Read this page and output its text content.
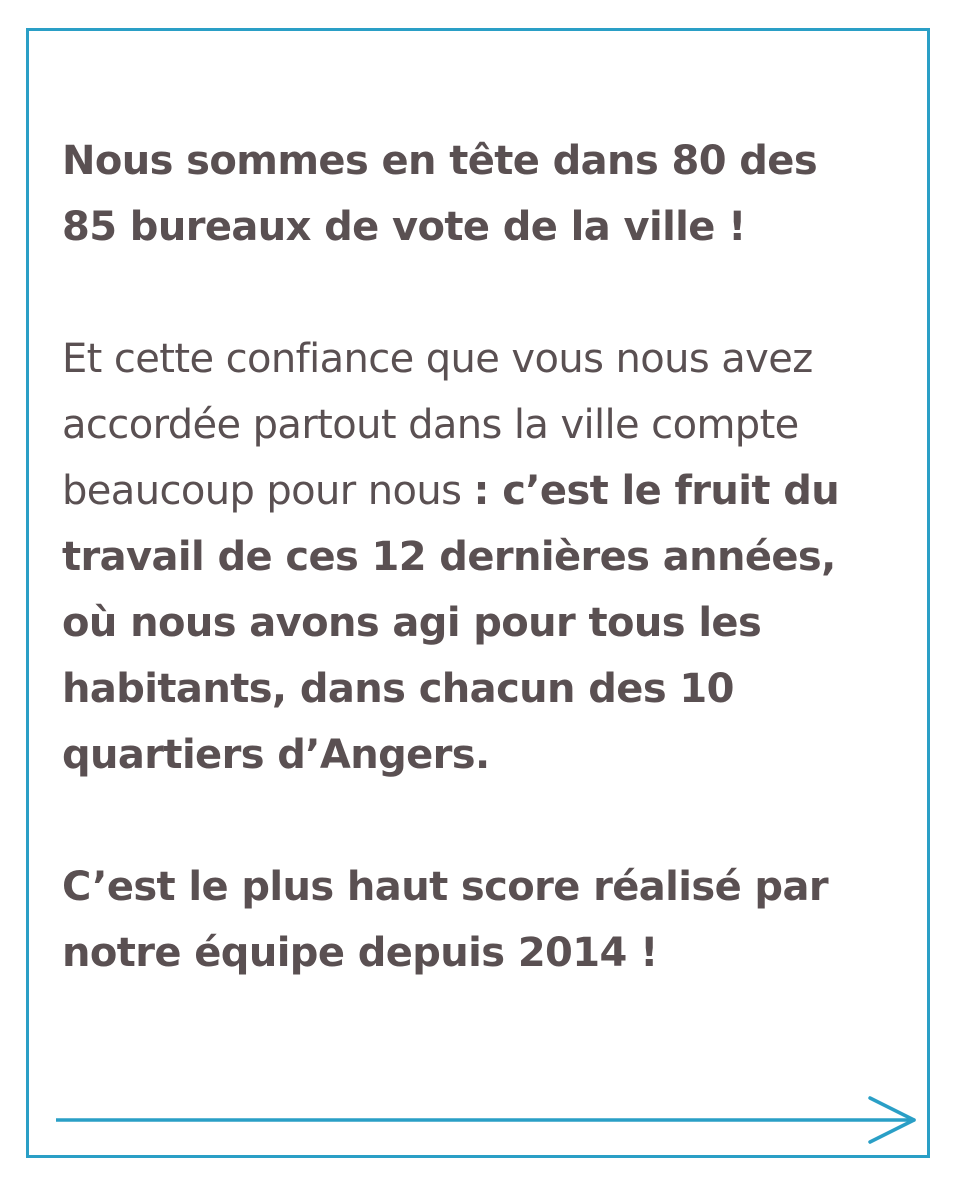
Nous sommes en tête dans 80 des 85 bureaux de vote de la ville !

Et cette confiance que vous nous avez accordée partout dans la ville compte beaucoup pour nous : c’est le fruit du travail de ces 12 dernières années, où nous avons agi pour tous les habitants, dans chacun des 10 quartiers d’Angers.

C’est le plus haut score réalisé par notre équipe depuis 2014 !
